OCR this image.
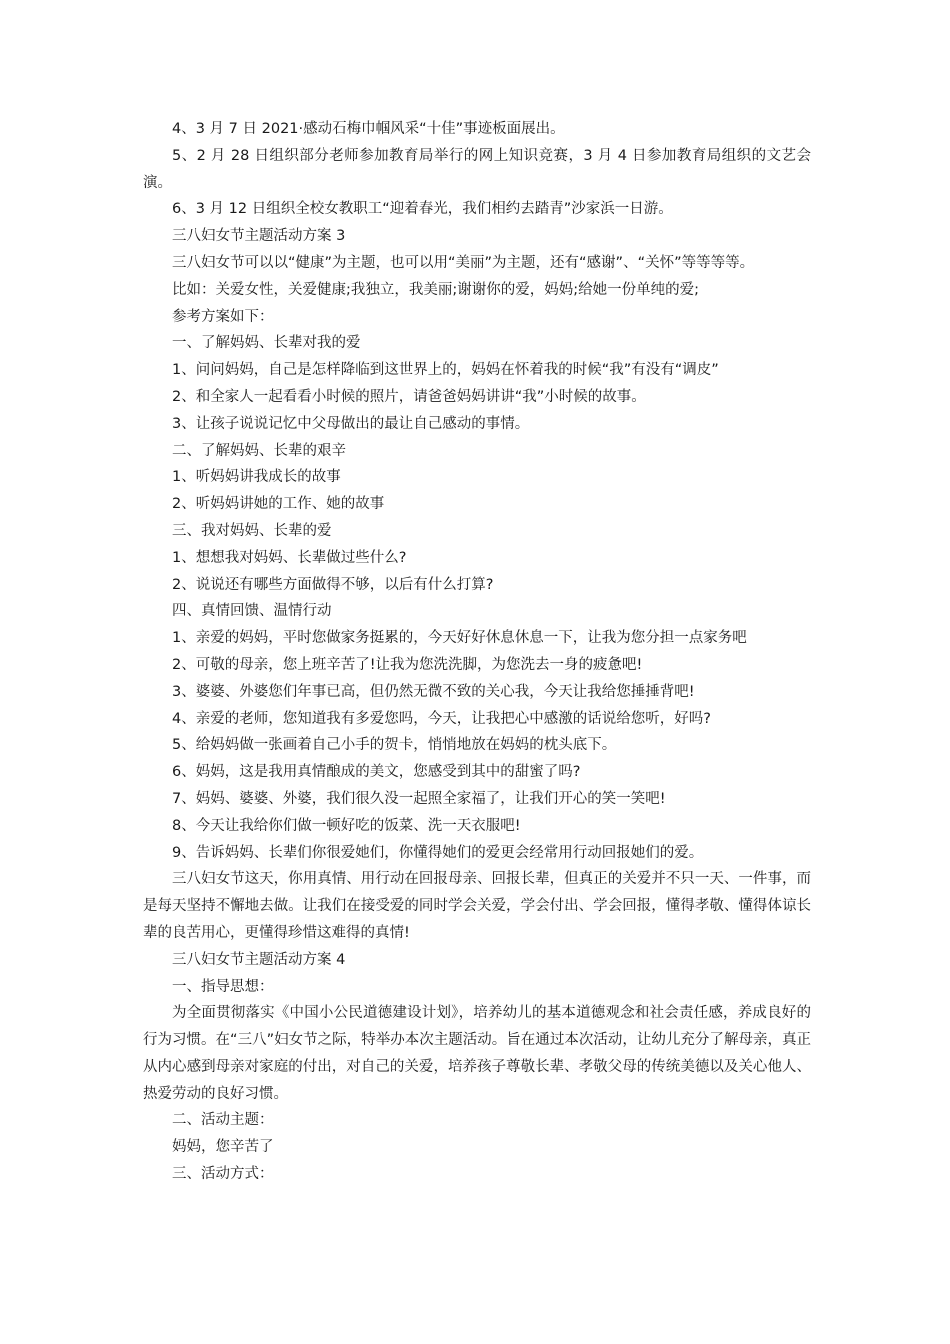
4、3 月 7 日 2021·感动石梅巾帼风采“十佳”事迹板面展出。

5、2 月 28 日组织部分老师参加教育局举行的网上知识竞赛，3 月 4 日参加教育局组织的文艺会演。

6、3 月 12 日组织全校女教职工“迎着春光，我们相约去踏青”沙家浜一日游。

三八妇女节主题活动方案 3

三八妇女节可以以“健康”为主题，也可以用“美丽”为主题，还有“感谢”、“关怀”等等等等。

比如：关爱女性，关爱健康;我独立，我美丽;谢谢你的爱，妈妈;给她一份单纯的爱;

参考方案如下：

一、了解妈妈、长辈对我的爱

1、问问妈妈，自己是怎样降临到这世界上的，妈妈在怀着我的时候“我”有没有“调皮”

2、和全家人一起看看小时候的照片，请爸爸妈妈讲讲“我”小时候的故事。

3、让孩子说说记忆中父母做出的最让自己感动的事情。

二、了解妈妈、长辈的艰辛

1、听妈妈讲我成长的故事

2、听妈妈讲她的工作、她的故事

三、我对妈妈、长辈的爱

1、想想我对妈妈、长辈做过些什么?

2、说说还有哪些方面做得不够，以后有什么打算?

四、真情回馈、温情行动

1、亲爱的妈妈，平时您做家务挺累的，今天好好休息休息一下，让我为您分担一点家务吧

2、可敬的母亲，您上班辛苦了!让我为您洗洗脚，为您洗去一身的疲惫吧!

3、婆婆、外婆您们年事已高，但仍然无微不致的关心我，今天让我给您捶捶背吧!

4、亲爱的老师，您知道我有多爱您吗，今天，让我把心中感激的话说给您听，好吗?

5、给妈妈做一张画着自己小手的贺卡，悄悄地放在妈妈的枕头底下。

6、妈妈，这是我用真情酿成的美文，您感受到其中的甜蜜了吗?

7、妈妈、婆婆、外婆，我们很久没一起照全家福了，让我们开心的笑一笑吧!

8、今天让我给你们做一顿好吃的饭菜、洗一天衣服吧!

9、告诉妈妈、长辈们你很爱她们，你懂得她们的爱更会经常用行动回报她们的爱。

三八妇女节这天，你用真情、用行动在回报母亲、回报长辈，但真正的关爱并不只一天、一件事，而是每天坚持不懈地去做。让我们在接受爱的同时学会关爱，学会付出、学会回报，懂得孝敬、懂得体谅长辈的良苦用心，更懂得珍惜这难得的真情!

三八妇女节主题活动方案 4

一、指导思想：

为全面贯彻落实《中国小公民道德建设计划》，培养幼儿的基本道德观念和社会责任感，养成良好的行为习惯。在“三八”妇女节之际，特举办本次主题活动。旨在通过本次活动，让幼儿充分了解母亲，真正从内心感到母亲对家庭的付出，对自己的关爱，培养孩子尊敬长辈、孝敬父母的传统美德以及关心他人、热爱劳动的良好习惯。

二、活动主题：

妈妈，您辛苦了

三、活动方式：
